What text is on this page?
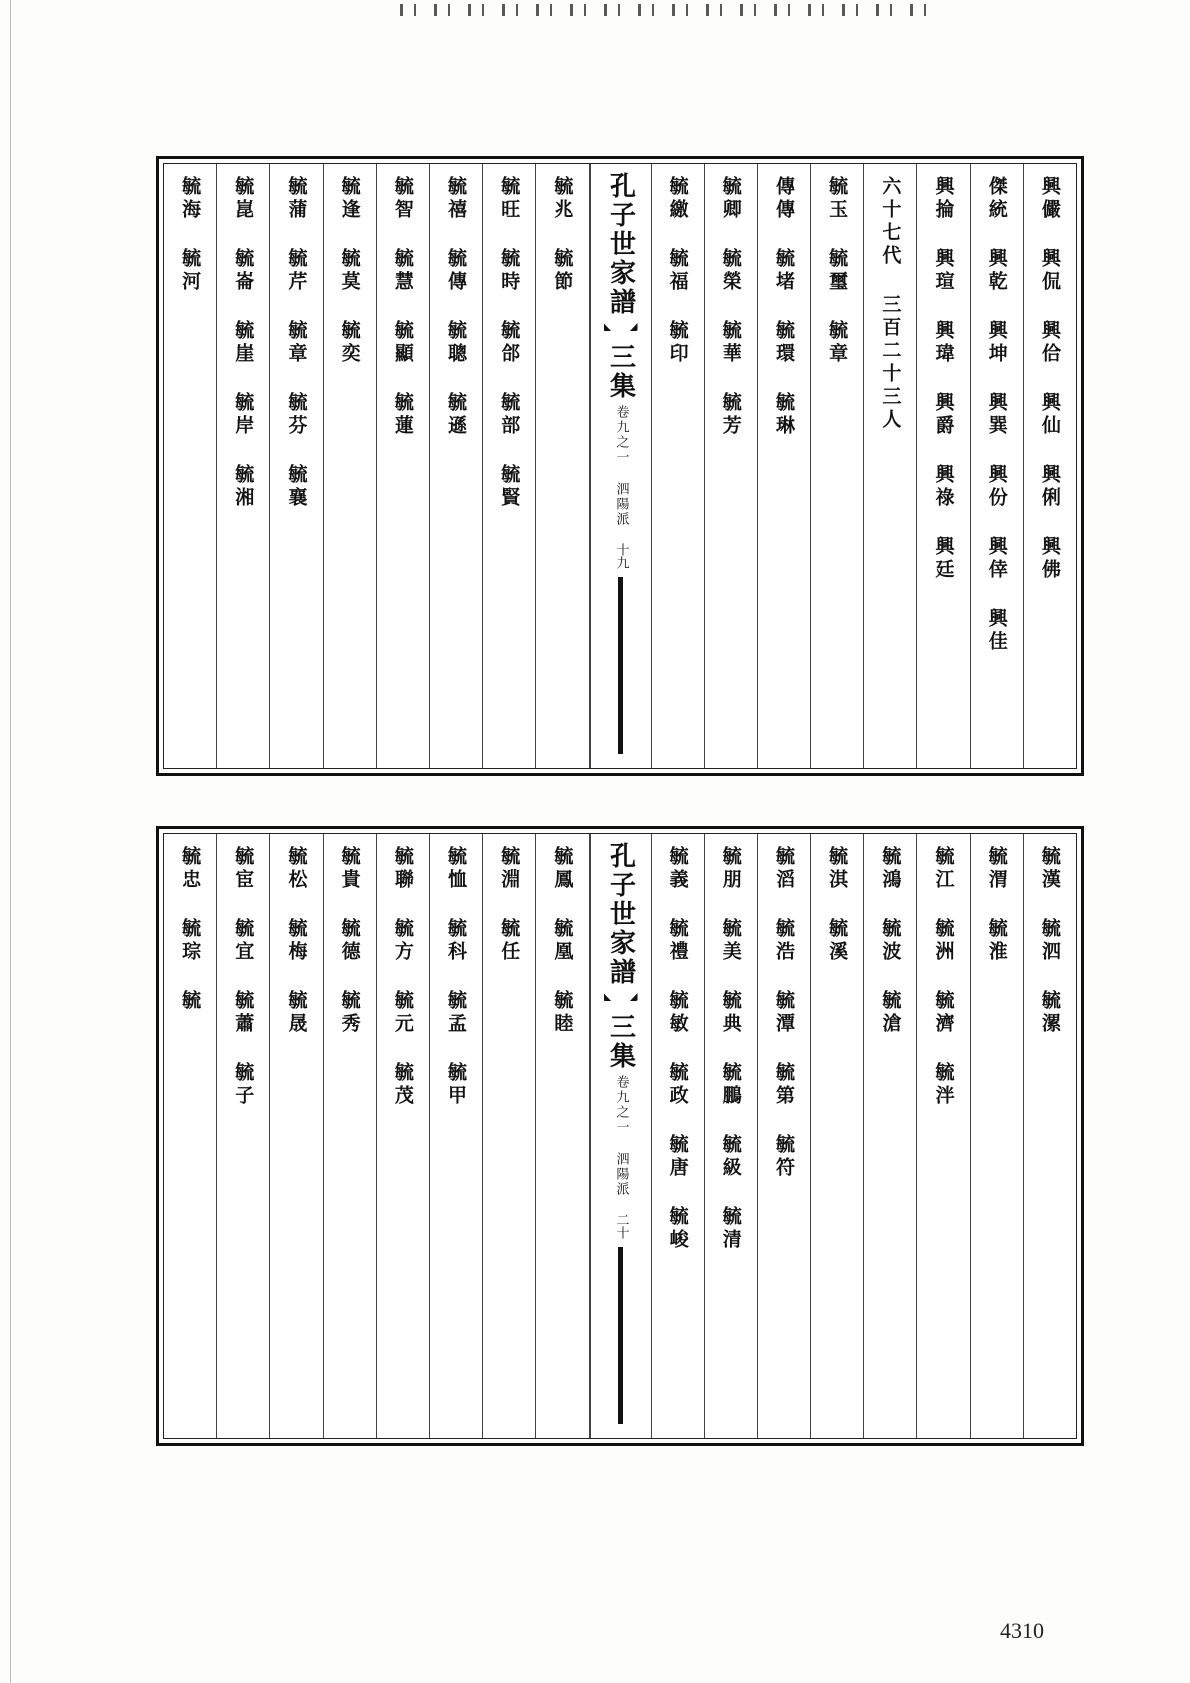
毓海 毓河 毓崑 毓崙 毓崖 毓岸 毓湘 毓蒲 毓芹 毓章 毓芬 毓襄 毓逢 毓莫 毓奕 毓智 毓慧 毓顯 毓蓮 毓禧 毓傳 毓聰 毓遜 毓旺 毓時 毓郃 毓部 毓賢 毓兆 毓節 孔子世家譜
三集
卷九之一 泗陽派
十九
毓繳 毓福 毓印 毓卿 毓榮 毓華 毓芳 傳傳 毓堵 毓環 毓琳 毓玉 毓璽 毓章 六十七代 三百二十三人 興掄 興瑄 興瑋 興爵 興祿 興廷 傑統 興乾 興坤 興巽 興份 興倖 興佳 興儼 興侃 興佮 興仙 興俐 興佛
毓忠 毓琮 毓 毓宦 毓宜 毓蕭 毓子 毓松 毓梅 毓晟 毓貴 毓德 毓秀 毓聯 毓方 毓元 毓茂 毓恤 毓科 毓孟 毓甲 毓淵 毓任 毓鳳 毓凰 毓睦 孔子世家譜
三集
卷九之一 泗陽派
二十 毓義 毓禮 毓敏 毓政 毓唐 毓峻 毓朋 毓美 毓典 毓鵬 毓級 毓清 毓滔 毓浩 毓潭 毓第 毓符 毓淇 毓溪 毓鴻 毓波 毓滄 毓江 毓洲 毓濟 毓泮 毓渭 毓淮 毓漢 毓泗 毓漯
4310
